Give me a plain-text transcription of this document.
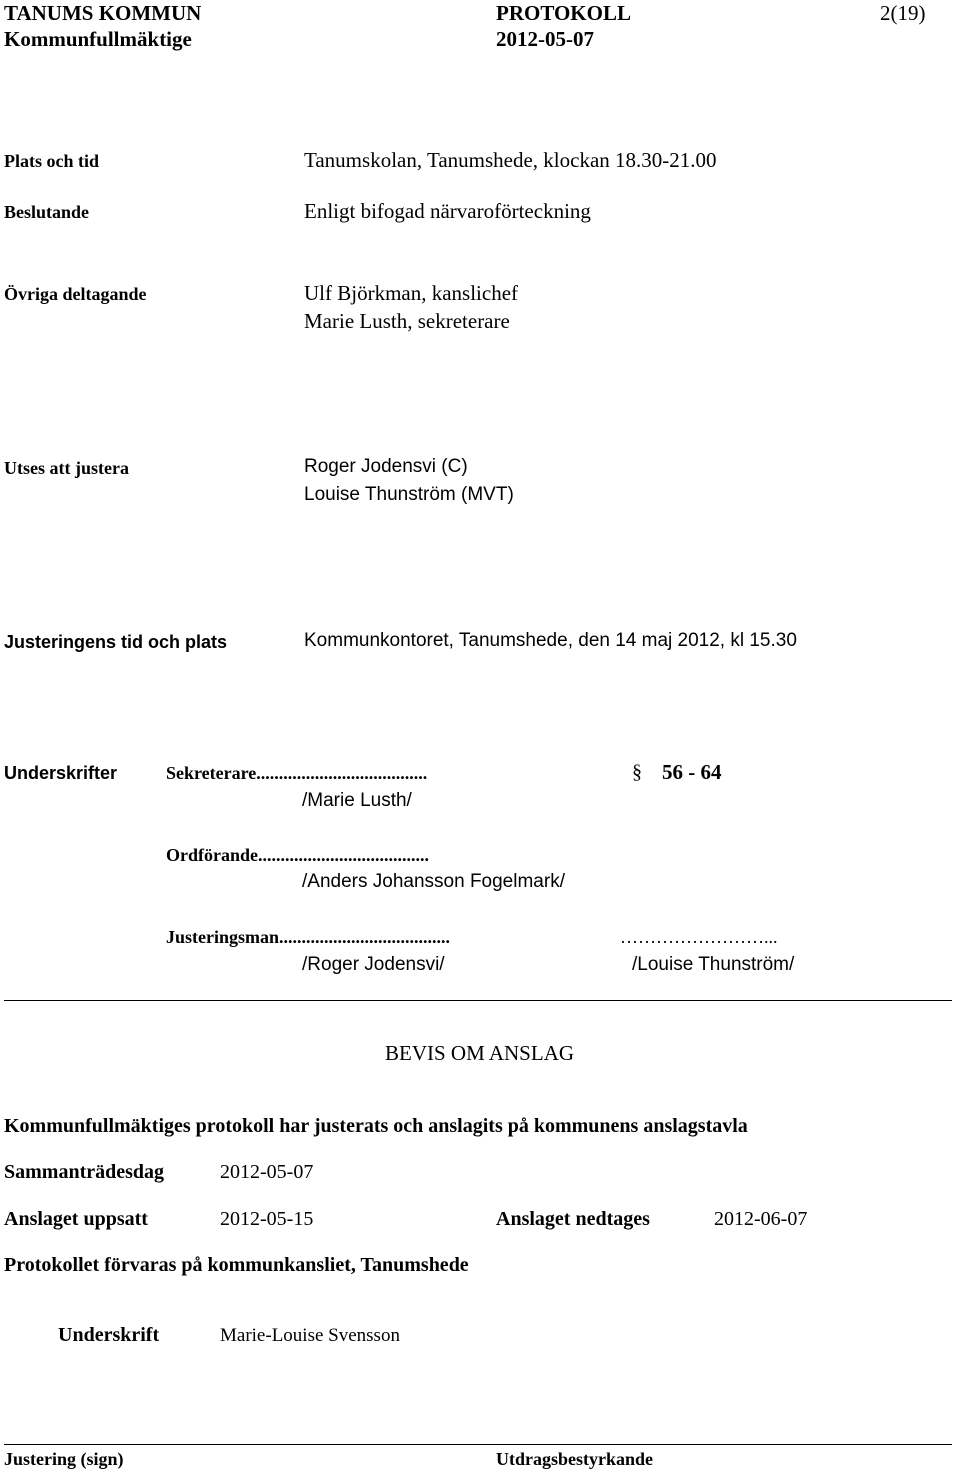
TANUMS KOMMUN	PROTOKOLL	2(19)
Kommunfullmäktige	2012-05-07
Plats och tid	Tanumskolan, Tanumshede, klockan 18.30-21.00
Beslutande	Enligt bifogad närvaroförteckning
Övriga deltagande	Ulf Björkman, kanslichef
Marie Lusth, sekreterare
Utses att justera	Roger Jodensvi (C)
Louise Thunström (MVT)
Justeringens tid och plats	Kommunkontoret, Tanumshede, den 14 maj 2012, kl 15.30
Underskrifter	Sekreterare......................................	§ 56 - 64
/Marie Lusth/
Ordförande......................................
/Anders Johansson Fogelmark/
Justeringsman......................................	……………………...
/Roger Jodensvi/	/Louise Thunström/
BEVIS OM ANSLAG
Kommunfullmäktiges protokoll har justerats och anslagits på kommunens anslagstavla
Sammanträdesdag	2012-05-07
Anslaget uppsatt	2012-05-15	Anslaget nedtages	2012-06-07
Protokollet förvaras på kommunkansliet, Tanumshede
Underskrift	Marie-Louise Svensson
Justering (sign)	Utdragsbestyrkande
